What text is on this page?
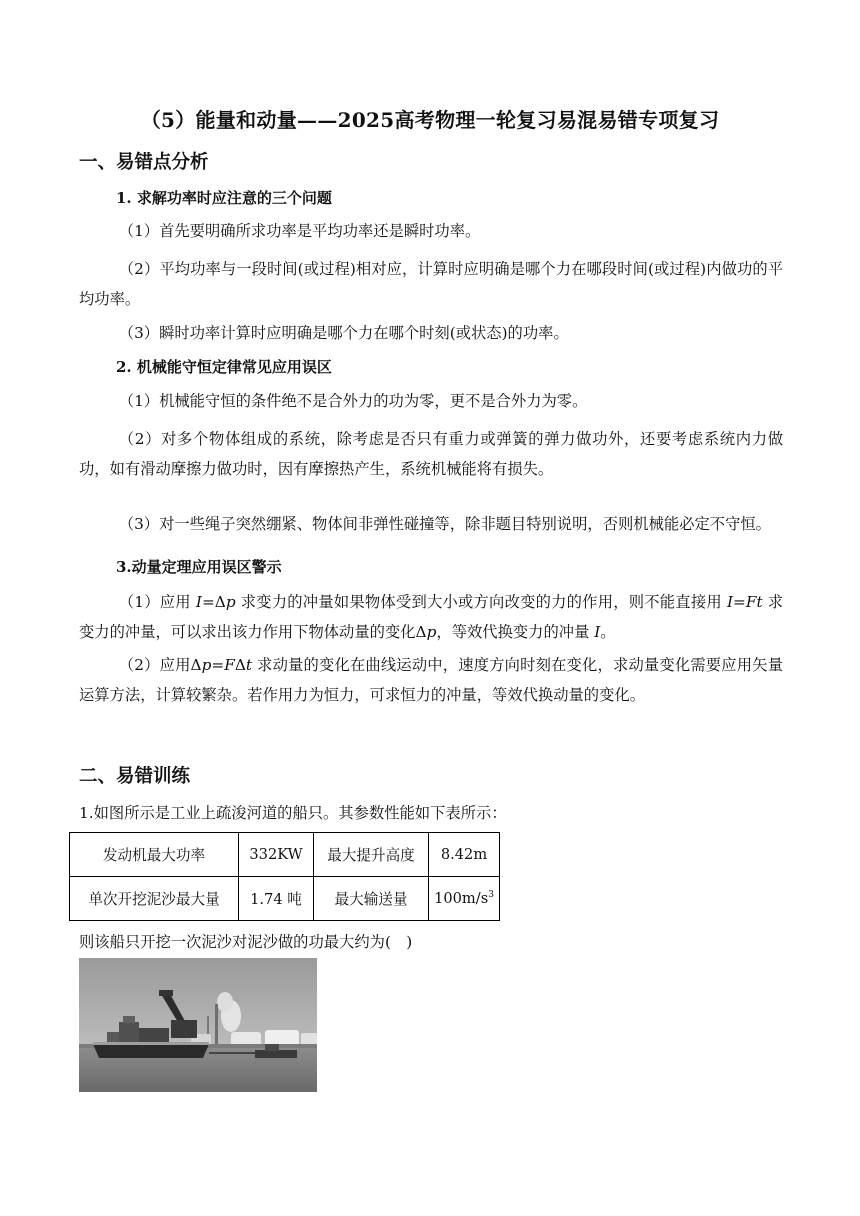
（5）能量和动量——2025高考物理一轮复习易混易错专项复习
一、易错点分析
1. 求解功率时应注意的三个问题
（1）首先要明确所求功率是平均功率还是瞬时功率。
（2）平均功率与一段时间(或过程)相对应，计算时应明确是哪个力在哪段时间(或过程)内做功的平均功率。
（3）瞬时功率计算时应明确是哪个力在哪个时刻(或状态)的功率。
2. 机械能守恒定律常见应用误区
（1）机械能守恒的条件绝不是合外力的功为零，更不是合外力为零。
（2）对多个物体组成的系统，除考虑是否只有重力或弹簧的弹力做功外，还要考虑系统内力做功，如有滑动摩擦力做功时，因有摩擦热产生，系统机械能将有损失。
（3）对一些绳子突然绷紧、物体间非弹性碰撞等，除非题目特别说明，否则机械能必定不守恒。
3.动量定理应用误区警示
（1）应用 I=Δp 求变力的冲量如果物体受到大小或方向改变的力的作用，则不能直接用 I=Ft 求变力的冲量，可以求出该力作用下物体动量的变化Δp，等效代换变力的冲量 I。
（2）应用Δp=FΔt 求动量的变化在曲线运动中，速度方向时刻在变化，求动量变化需要应用矢量运算方法，计算较繁杂。若作用力为恒力，可求恒力的冲量，等效代换动量的变化。
二、易错训练
1.如图所示是工业上疏浚河道的船只。其参数性能如下表所示：
发动机最大功率	332KW	最大提升高度	8.42m
单次开挖泥沙最大量	1.74 吨	最大输送量	$100m/s^3$
则该船只开挖一次泥沙对泥沙做的功最大约为(　)
